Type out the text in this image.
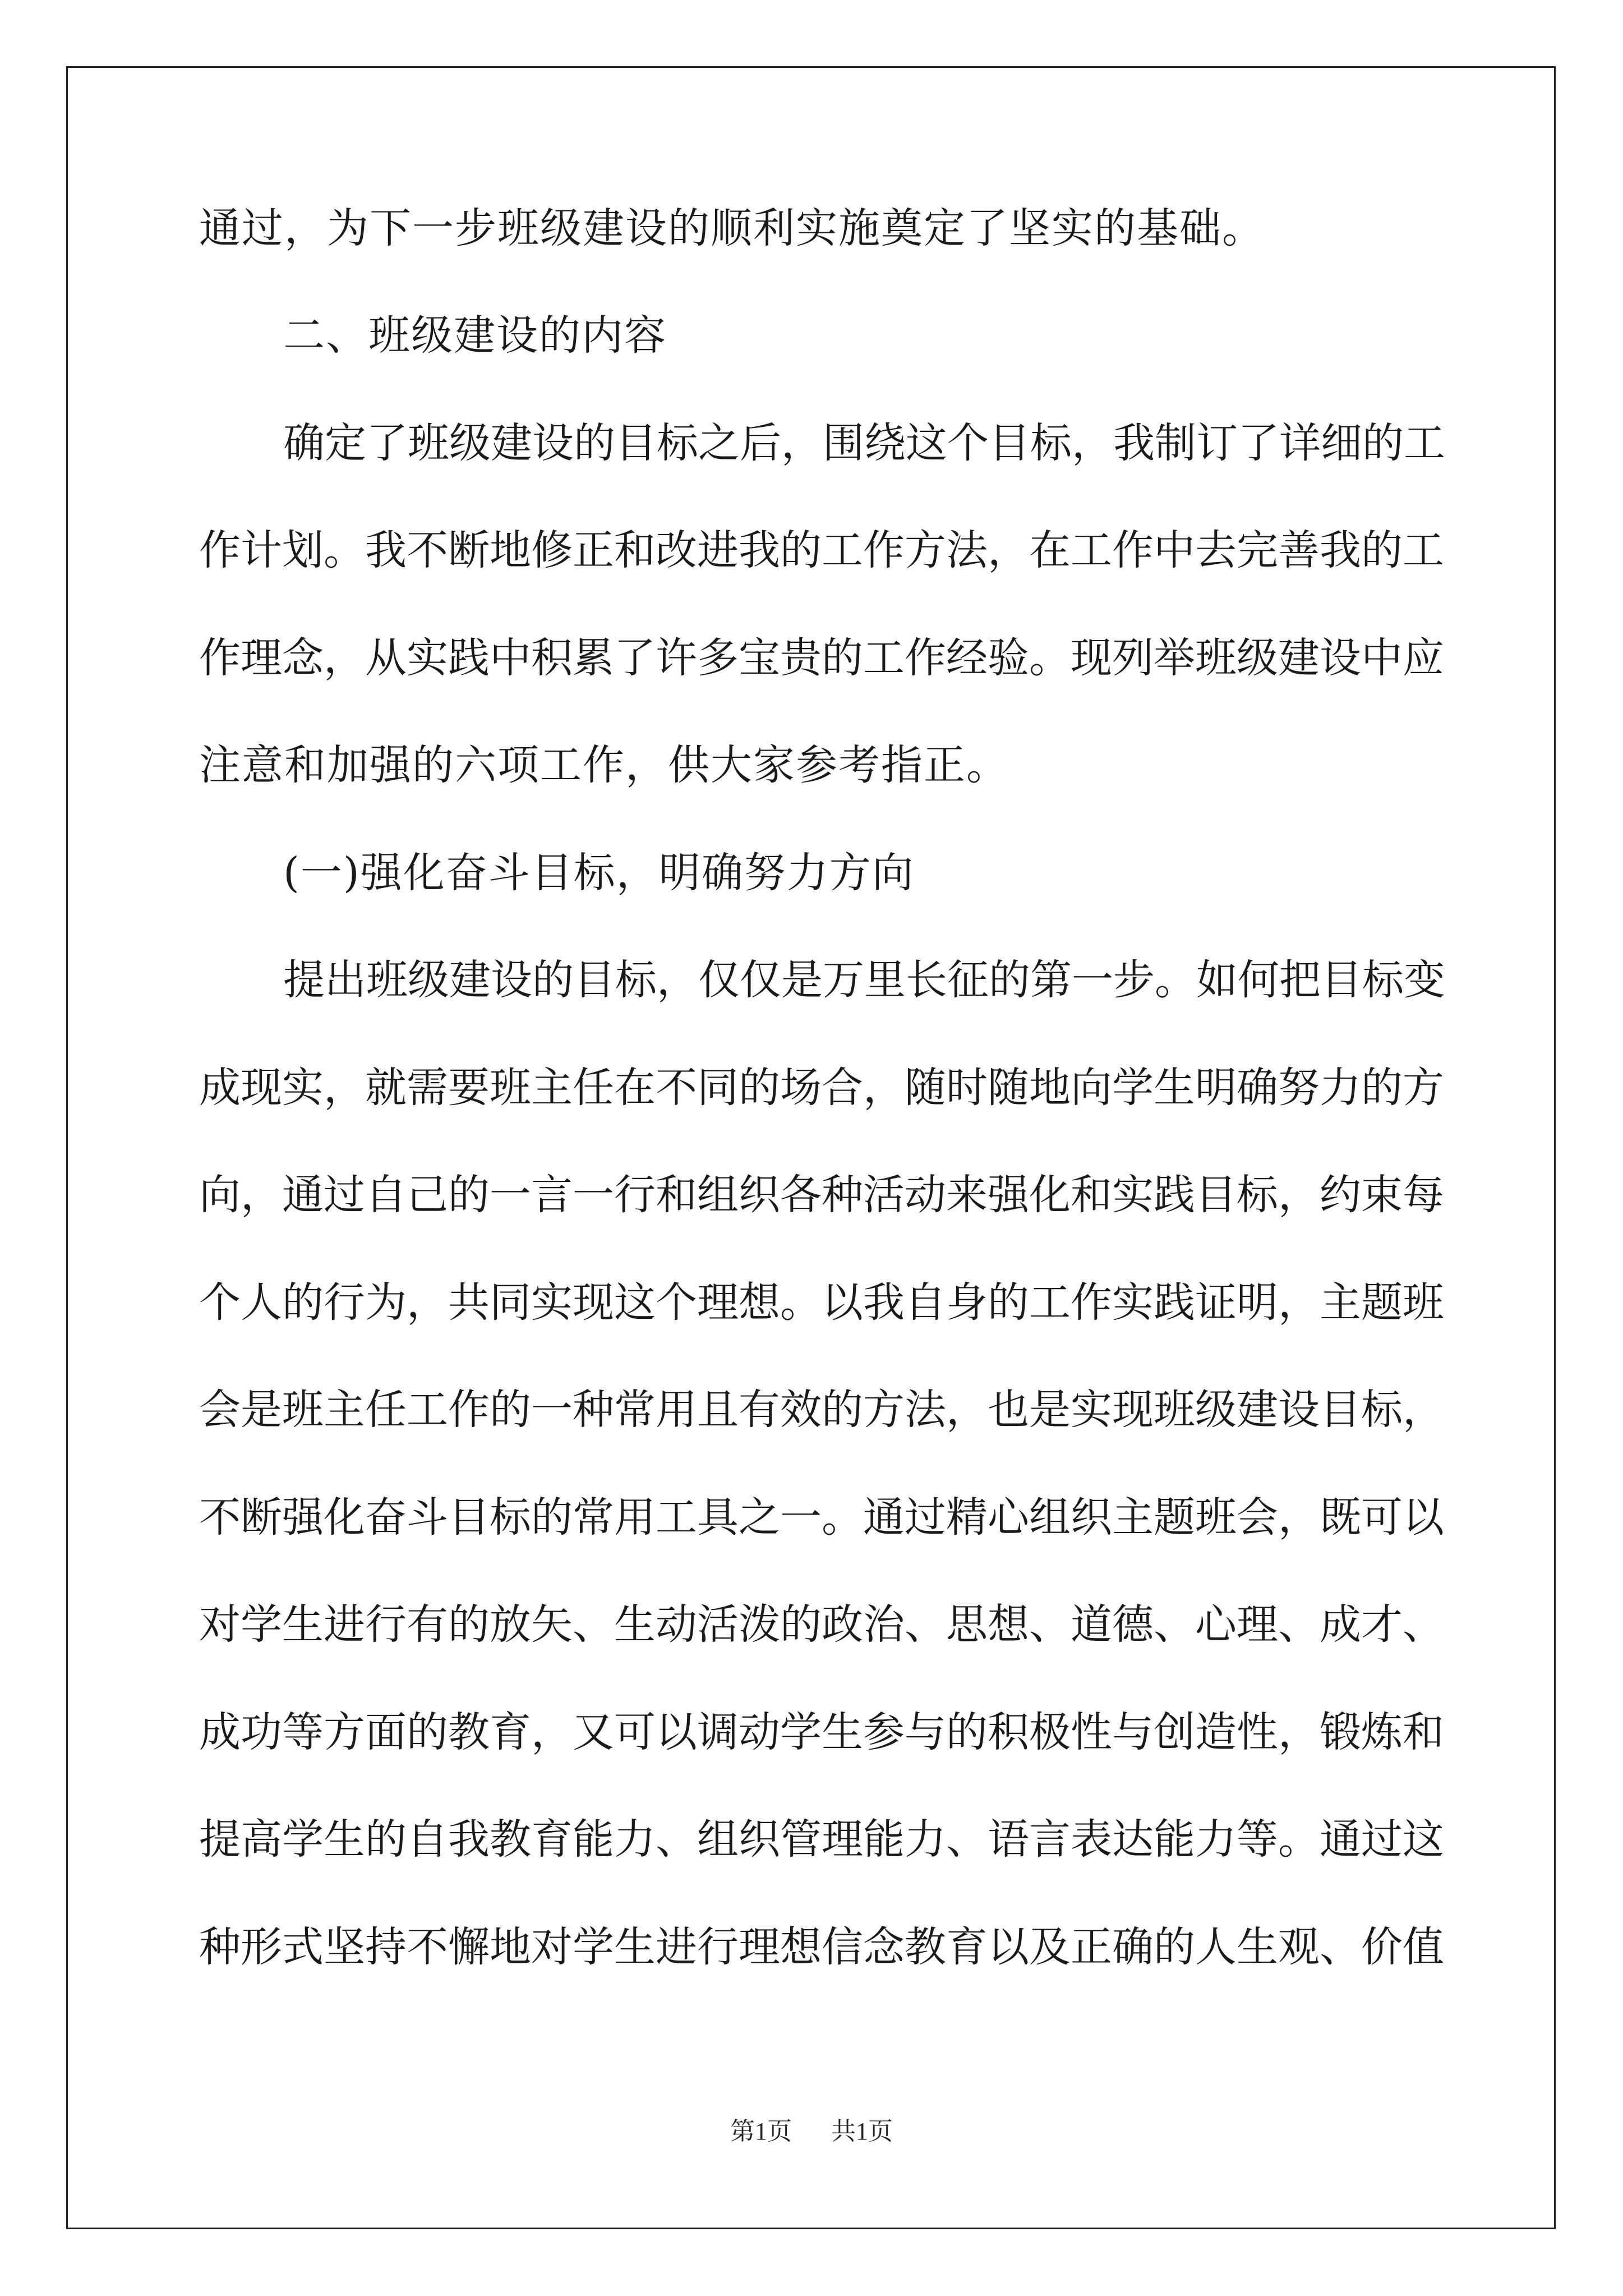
通过，为下一步班级建设的顺利实施奠定了坚实的基础。
二、班级建设的内容
确定了班级建设的目标之后，围绕这个目标，我制订了详细的工
作计划。我不断地修正和改进我的工作方法，在工作中去完善我的工
作理念，从实践中积累了许多宝贵的工作经验。现列举班级建设中应
注意和加强的六项工作，供大家参考指正。
(一)强化奋斗目标，明确努力方向
提出班级建设的目标，仅仅是万里长征的第一步。如何把目标变
成现实，就需要班主任在不同的场合，随时随地向学生明确努力的方
向，通过自己的一言一行和组织各种活动来强化和实践目标，约束每
个人的行为，共同实现这个理想。以我自身的工作实践证明，主题班
会是班主任工作的一种常用且有效的方法，也是实现班级建设目标，
不断强化奋斗目标的常用工具之一。通过精心组织主题班会，既可以
对学生进行有的放矢、生动活泼的政治、思想、道德、心理、成才、
成功等方面的教育，又可以调动学生参与的积极性与创造性，锻炼和
提高学生的自我教育能力、组织管理能力、语言表达能力等。通过这
种形式坚持不懈地对学生进行理想信念教育以及正确的人生观、价值
第1页 共1页
